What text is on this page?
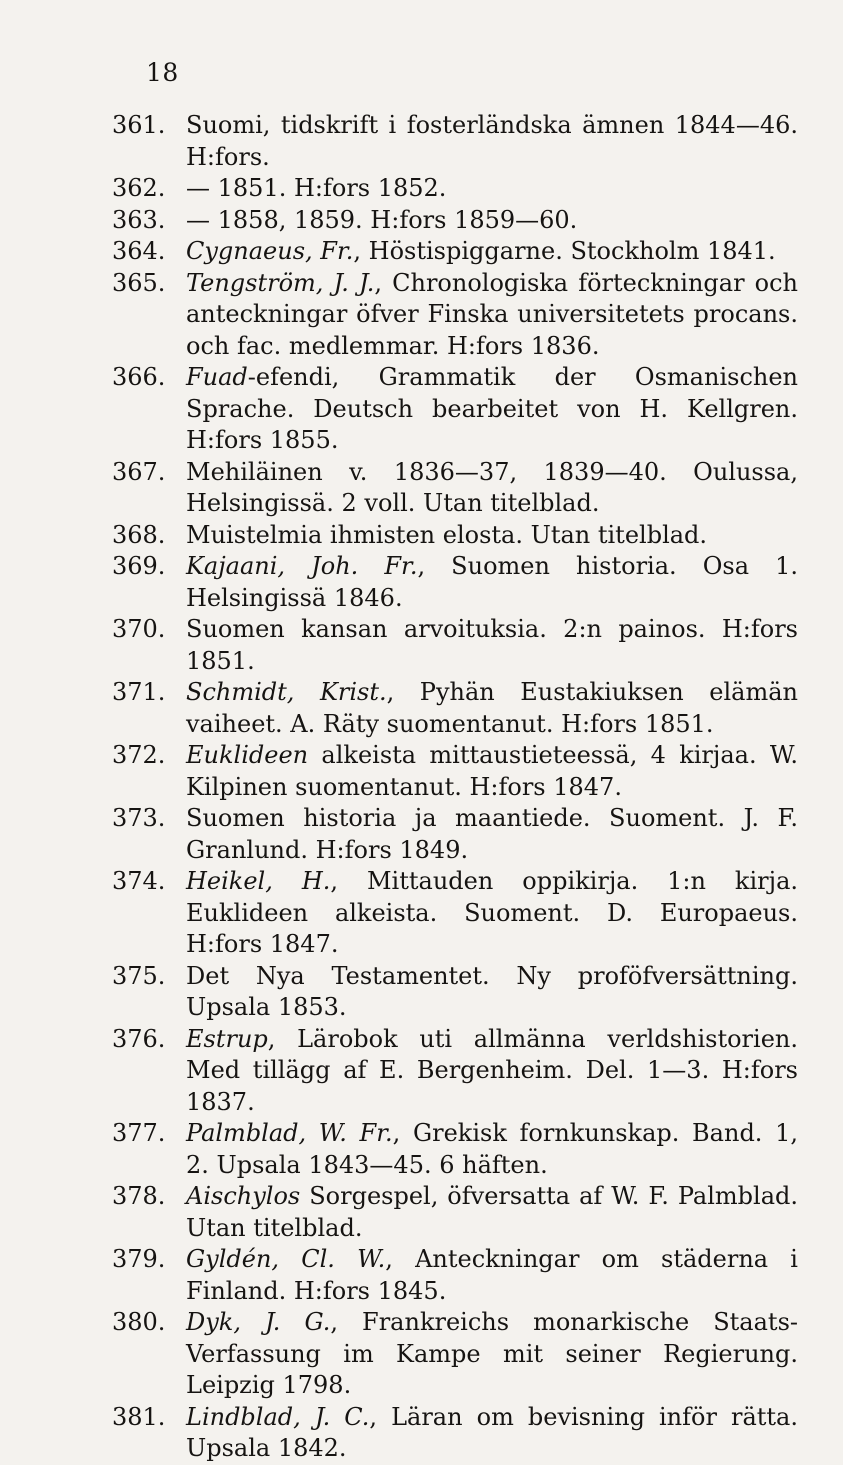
18
361. Suomi, tidskrift i fosterländska ämnen 1844—46. H:fors.
362. — 1851. H:fors 1852.
363. — 1858, 1859. H:fors 1859—60.
364. Cygnaeus, Fr., Höstispiggarne. Stockholm 1841.
365. Tengström, J. J., Chronologiska förteckningar och anteckningar öfver Finska universitetets procans. och fac. medlemmar. H:fors 1836.
366. Fuad-efendi, Grammatik der Osmanischen Sprache. Deutsch bearbeitet von H. Kellgren. H:fors 1855.
367. Mehiläinen v. 1836—37, 1839—40. Oulussa, Helsingissä. 2 voll. Utan titelblad.
368. Muistelmia ihmisten elosta. Utan titelblad.
369. Kajaani, Joh. Fr., Suomen historia. Osa 1. Helsingissä 1846.
370. Suomen kansan arvoituksia. 2:n painos. H:fors 1851.
371. Schmidt, Krist., Pyhän Eustakiuksen elämän vaiheet. A. Räty suomentanut. H:fors 1851.
372. Euklideen alkeista mittaustieteessä, 4 kirjaa. W. Kilpinen suomentanut. H:fors 1847.
373. Suomen historia ja maantiede. Suoment. J. F. Granlund. H:fors 1849.
374. Heikel, H., Mittauden oppikirja. 1:n kirja. Euklideen alkeista. Suoment. D. Europaeus. H:fors 1847.
375. Det Nya Testamentet. Ny proföfversättning. Upsala 1853.
376. Estrup, Lärobok uti allmänna verldshistorien. Med tillägg af E. Bergenheim. Del. 1—3. H:fors 1837.
377. Palmblad, W. Fr., Grekisk fornkunskap. Band. 1, 2. Upsala 1843—45. 6 häften.
378. Aischylos Sorgespel, öfversatta af W. F. Palmblad. Utan titelblad.
379. Gyldén, Cl. W., Anteckningar om städerna i Finland. H:fors 1845.
380. Dyk, J. G., Frankreichs monarkische Staats-Verfassung im Kampe mit seiner Regierung. Leipzig 1798.
381. Lindblad, J. C., Läran om bevisning inför rätta. Upsala 1842.
